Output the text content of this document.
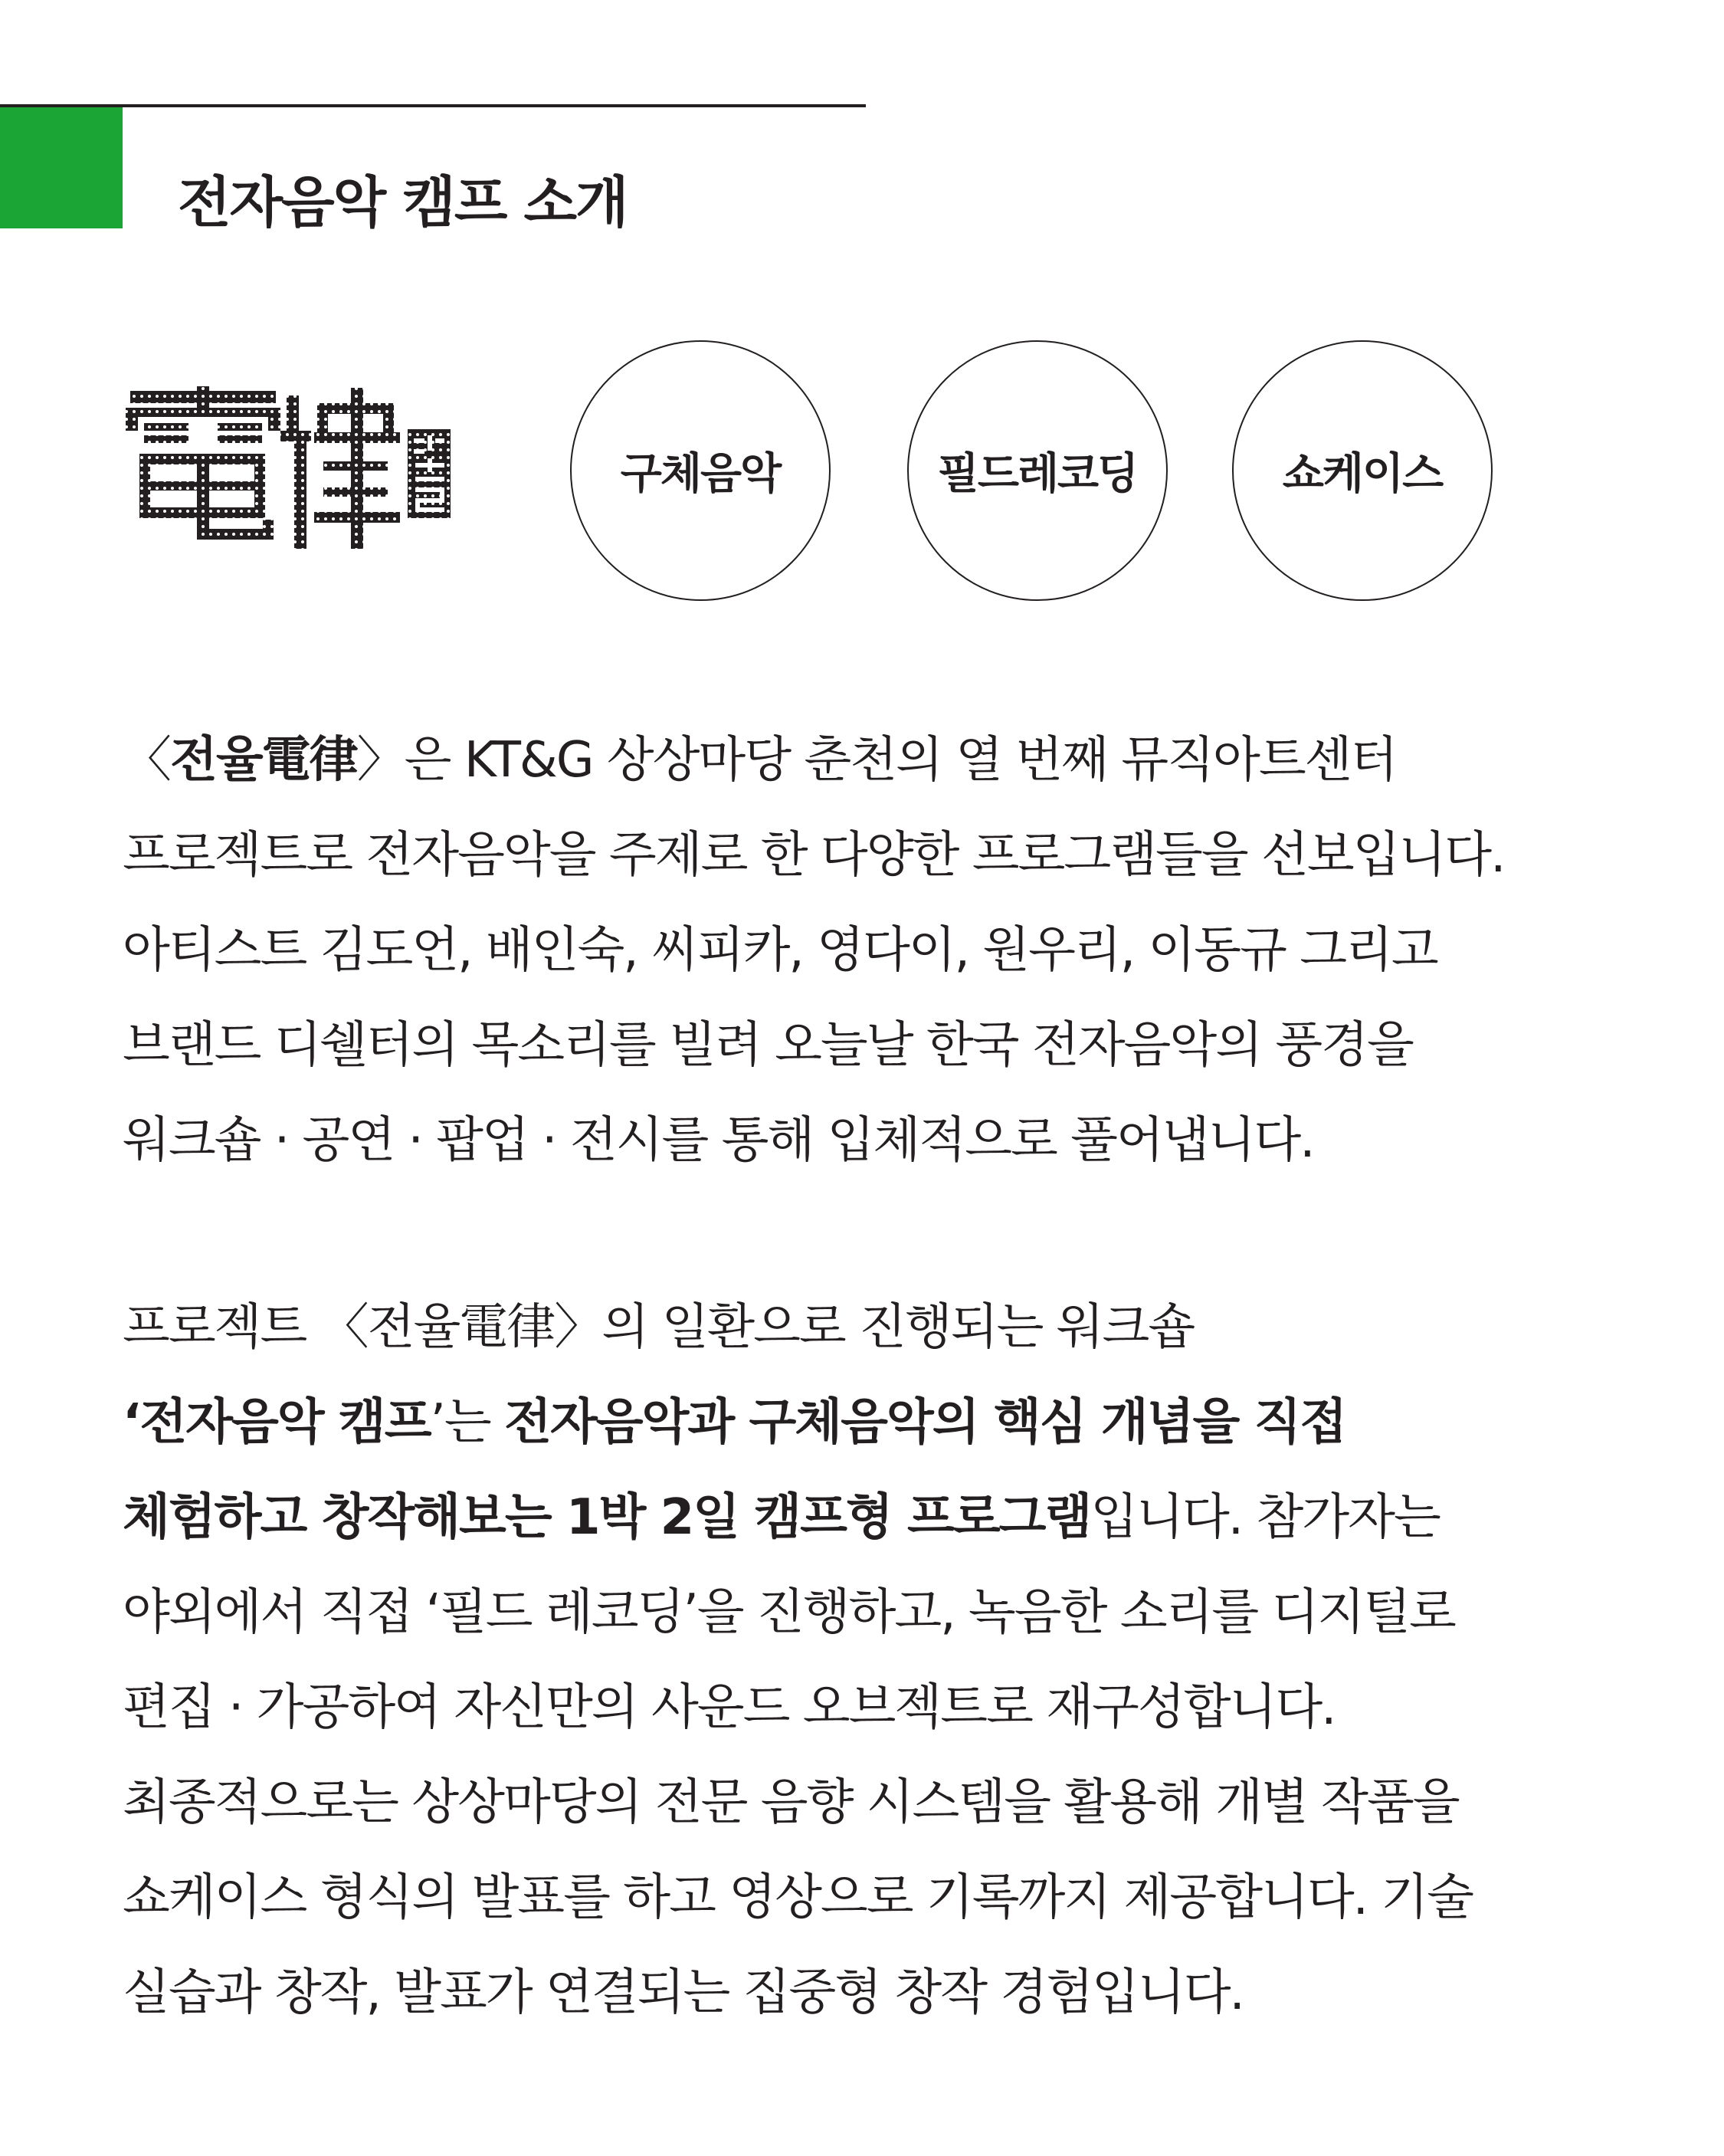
전자음악 캠프 소개
구체음악	필드레코딩	쇼케이스
〈전율電律〉은 KT&G 상상마당 춘천의 열 번째 뮤직아트센터
프로젝트로 전자음악을 주제로 한 다양한 프로그램들을 선보입니다.
아티스트 김도언, 배인숙, 씨피카, 영다이, 원우리, 이동규 그리고
브랜드 디쉘터의 목소리를 빌려 오늘날 한국 전자음악의 풍경을
워크숍 · 공연 · 팝업 · 전시를 통해 입체적으로 풀어냅니다.
프로젝트 〈전율電律〉의 일환으로 진행되는 워크숍
‘전자음악 캠프’는 전자음악과 구체음악의 핵심 개념을 직접
체험하고 창작해보는 1박 2일 캠프형 프로그램입니다. 참가자는
야외에서 직접 ‘필드 레코딩’을 진행하고, 녹음한 소리를 디지털로
편집 · 가공하여 자신만의 사운드 오브젝트로 재구성합니다.
최종적으로는 상상마당의 전문 음향 시스템을 활용해 개별 작품을
쇼케이스 형식의 발표를 하고 영상으로 기록까지 제공합니다. 기술
실습과 창작, 발표가 연결되는 집중형 창작 경험입니다.
